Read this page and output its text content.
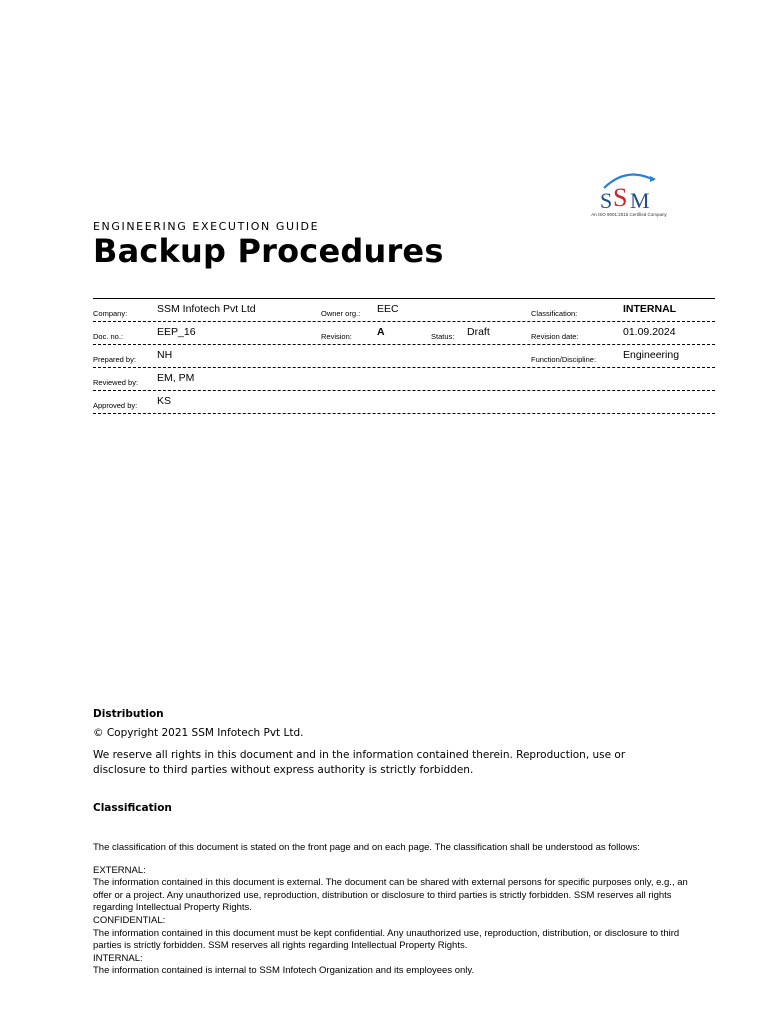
S S M
An ISO 9001:2015 Certified Company
ENGINEERING EXECUTION GUIDE
Backup Procedures
Company:	SSM Infotech Pvt Ltd	Owner org.: EEC	Classification:	INTERNAL
Doc. no.:	EEP_16	Revision: A	Status: Draft	Revision date:	01.09.2024
Prepared by: NH	Function/Discipline:	Engineering
Reviewed by: EM, PM
Approved by: KS
Distribution
© Copyright 2021 SSM Infotech Pvt Ltd.
We reserve all rights in this document and in the information contained therein. Reproduction, use or disclosure to third parties without express authority is strictly forbidden.
Classification

The classification of this document is stated on the front page and on each page. The classification shall be understood as follows:

EXTERNAL:

The information contained in this document is external. The document can be shared with external persons for specific purposes only, e.g., an offer or a project. Any unauthorized use, reproduction, distribution or disclosure to third parties is strictly forbidden. SSM reserves all rights regarding Intellectual Property Rights.

CONFIDENTIAL:

The information contained in this document must be kept confidential. Any unauthorized use, reproduction, distribution, or disclosure to third parties is strictly forbidden. SSM reserves all rights regarding Intellectual Property Rights.

INTERNAL:

The information contained is internal to SSM Infotech Organization and its employees only.
